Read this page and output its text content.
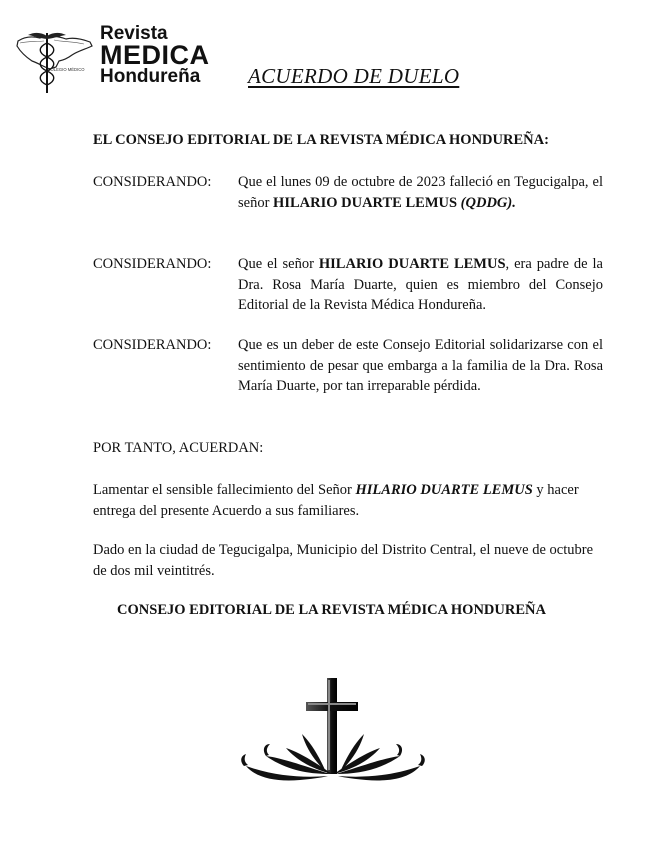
COLEGIO MÉDICO
Revista
MEDICA
Hondureña	ACUERDO DE DUELO
EL CONSEJO EDITORIAL DE LA REVISTA MÉDICA HONDUREÑA:
CONSIDERANDO: Que el lunes 09 de octubre de 2023 falleció en Tegucigalpa, el señor HILARIO DUARTE LEMUS (QDDG).
CONSIDERANDO: Que el señor HILARIO DUARTE LEMUS, era padre de la Dra. Rosa María Duarte, quien es miembro del Consejo Editorial de la Revista Médica Hondureña.
CONSIDERANDO: Que es un deber de este Consejo Editorial solidarizarse con el sentimiento de pesar que embarga a la familia de la Dra. Rosa María Duarte, por tan irreparable pérdida.
POR TANTO, ACUERDAN:
Lamentar el sensible fallecimiento del Señor HILARIO DUARTE LEMUS y hacer entrega del presente Acuerdo a sus familiares.
Dado en la ciudad de Tegucigalpa, Municipio del Distrito Central, el nueve de octubre de dos mil veintitrés.
CONSEJO EDITORIAL DE LA REVISTA MÉDICA HONDUREÑA
